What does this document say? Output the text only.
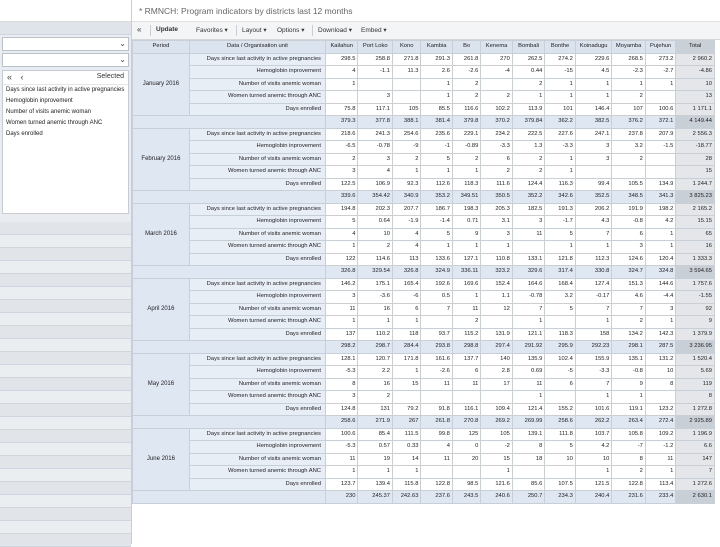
⌄
⌄
« ‹	Selected
Days since last activity in active pregnancies
Hemoglobin inprovement
Number of visits anemic woman
Women turned anemic through ANC
Days enrolled
* RMNCH: Program indicators by districts last 12 months
« Update	Favorites ▾ Layout ▾ Options ▾ Download ▾ Embed ▾
Period	Data / Organisation unit	Kailahun	Port Loko	Kono	Kambia	Bo	Kenema	Bombali	Bonthe	Koinadugu	Moyamba	Pujehun	Total
January 2016	Days since last activity in active pregnancies	298.5	258.8	271.8	291.3	261.8	270	262.5	274.2	229.6	268.5	273.2	2 960.2
	Hemoglobin inprovement	4	-1.1	11.3	2.6	-2.6	-4	0.44	-15	4.5	-2.3	-2.7	-4.86
	Number of visits anemic woman	1			1	2		2	1	1	1	1	10
	Women turned anemic through ANC		3		1	2	2	1	1	1	2		13
	Days enrolled	75.8	117.1	105	85.5	116.6	102.2	113.9	101	146.4	107	100.6	1 171.1
		379.3	377.8	388.1	381.4	379.8	370.2	379.84	362.2	382.5	376.2	372.1	4 149.44
February 2016	Days since last activity in active pregnancies	218.6	241.3	254.6	235.6	229.1	234.2	222.5	227.6	247.1	237.8	207.9	2 556.3
	Hemoglobin inprovement	-6.5	-0.78	-9	-1	-0.89	-3.3	1.3	-3.3	3	3.2	-1.5	-18.77
	Number of visits anemic woman	2	3	2	5	2	6	2	1	3	2		28
	Women turned anemic through ANC	3	4	1	1	1	2	2	1				15
	Days enrolled	122.5	106.9	92.3	112.6	118.3	111.6	124.4	116.3	99.4	105.5	134.9	1 244.7
		339.6	354.42	340.9	353.2	349.51	350.5	352.2	342.6	352.5	348.5	341.3	3 825.23
March 2016	Days since last activity in active pregnancies	194.8	202.3	207.7	186.7	198.3	205.3	182.5	191.3	206.2	191.9	198.2	2 165.2
	Hemoglobin inprovement	5	0.64	-1.9	-1.4	0.71	3.1	3	-1.7	4.3	-0.8	4.2	15.15
	Number of visits anemic woman	4	10	4	5	9	3	11	5	7	6	1	65
	Women turned anemic through ANC	1	2	4	1	1	1		1	1	3	1	16
	Days enrolled	122	114.6	113	133.6	127.1	110.8	133.1	121.8	112.3	124.6	120.4	1 333.3
		326.8	329.54	326.8	324.9	336.11	323.2	329.6	317.4	330.8	324.7	324.8	3 594.65
April 2016	Days since last activity in active pregnancies	146.2	175.1	165.4	192.6	169.6	152.4	164.6	168.4	127.4	151.3	144.6	1 757.6
	Hemoglobin inprovement	3	-3.6	-6	0.5	1	1.1	-0.78	3.2	-0.17	4.6	-4.4	-1.55
	Number of visits anemic woman	11	16	6	7	11	12	7	5	7	7	3	92
	Women turned anemic through ANC	1	1	1		2		1		1	2	1	9
	Days enrolled	137	110.2	118	93.7	115.2	131.9	121.1	118.3	158	134.2	142.3	1 379.9
		298.2	298.7	284.4	293.8	298.8	297.4	291.92	295.9	292.23	298.1	287.5	3 236.95
May 2016	Days since last activity in active pregnancies	128.1	120.7	171.8	161.6	137.7	140	135.9	102.4	155.9	135.1	131.2	1 520.4
	Hemoglobin inprovement	-5.3	2.2	1	-2.6	6	2.8	0.69	-5	-3.3	-0.8	10	5.69
	Number of visits anemic woman	8	16	15	11	11	17	11	6	7	9	8	119
	Women turned anemic through ANC	3	2					1		1	1		8
	Days enrolled	124.8	131	79.2	91.8	116.1	109.4	121.4	155.2	101.6	119.1	123.2	1 272.8
		258.6	271.9	267	261.8	270.8	269.2	269.99	258.6	262.2	263.4	272.4	2 925.89
June 2016	Days since last activity in active pregnancies	100.6	85.4	111.5	99.8	125	105	139.1	111.8	103.7	105.8	109.2	1 196.9
	Hemoglobin inprovement	-5.3	0.57	0.33	4	0	-2	8	5	4.2	-7	-1.2	6.6
	Number of visits anemic woman	11	19	14	11	20	15	18	10	10	8	11	147
	Women turned anemic through ANC	1	1	1			1			1	2	1	7
	Days enrolled	123.7	139.4	115.8	122.8	98.5	121.6	85.6	107.5	121.5	122.8	113.4	1 272.6
		230	245.37	242.63	237.6	243.5	240.6	250.7	234.3	240.4	231.6	233.4	2 630.1
